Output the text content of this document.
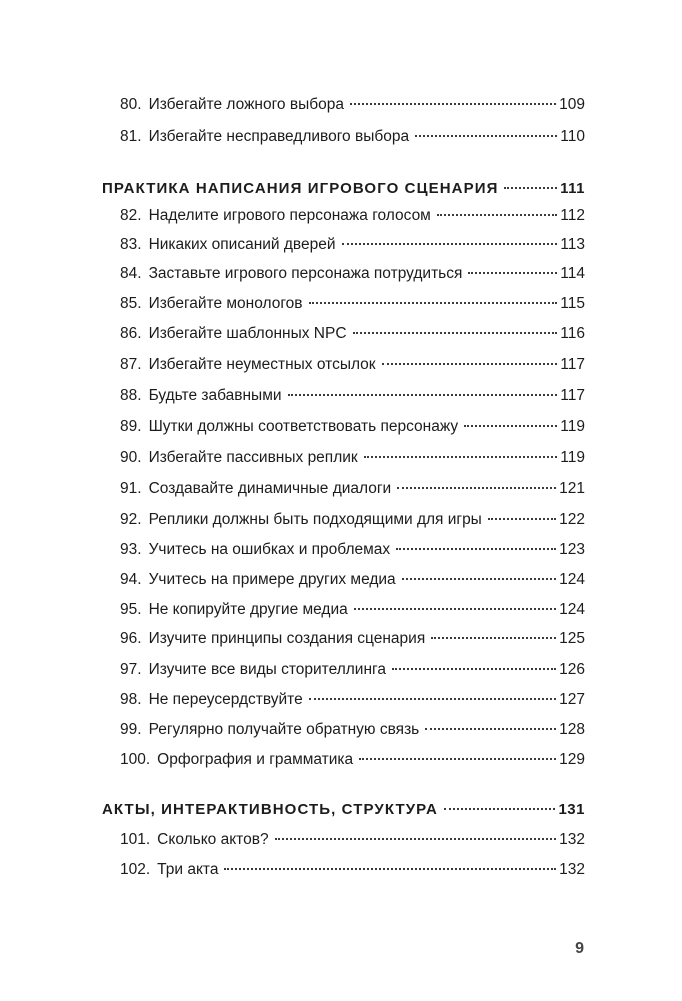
80. Избегайте ложного выбора	109
81. Избегайте несправедливого выбора	110
ПРАКТИКА НАПИСАНИЯ ИГРОВОГО СЦЕНАРИЯ	111
82. Наделите игрового персонажа голосом	112
83. Никаких описаний дверей	113
84. Заставьте игрового персонажа потрудиться	114
85. Избегайте монологов	115
86. Избегайте шаблонных NPC	116
87. Избегайте неуместных отсылок	117
88. Будьте забавными	117
89. Шутки должны соответствовать персонажу	119
90. Избегайте пассивных реплик	119
91. Создавайте динамичные диалоги	121
92. Реплики должны быть подходящими для игры	122
93. Учитесь на ошибках и проблемах	123
94. Учитесь на примере других медиа	124
95. Не копируйте другие медиа	124
96. Изучите принципы создания сценария	125
97. Изучите все виды сторителлинга	126
98. Не переусердствуйте	127
99. Регулярно получайте обратную связь	128
100. Орфография и грамматика	129
АКТЫ, ИНТЕРАКТИВНОСТЬ, СТРУКТУРА	131
101. Сколько актов?	132
102. Три акта	132
9
